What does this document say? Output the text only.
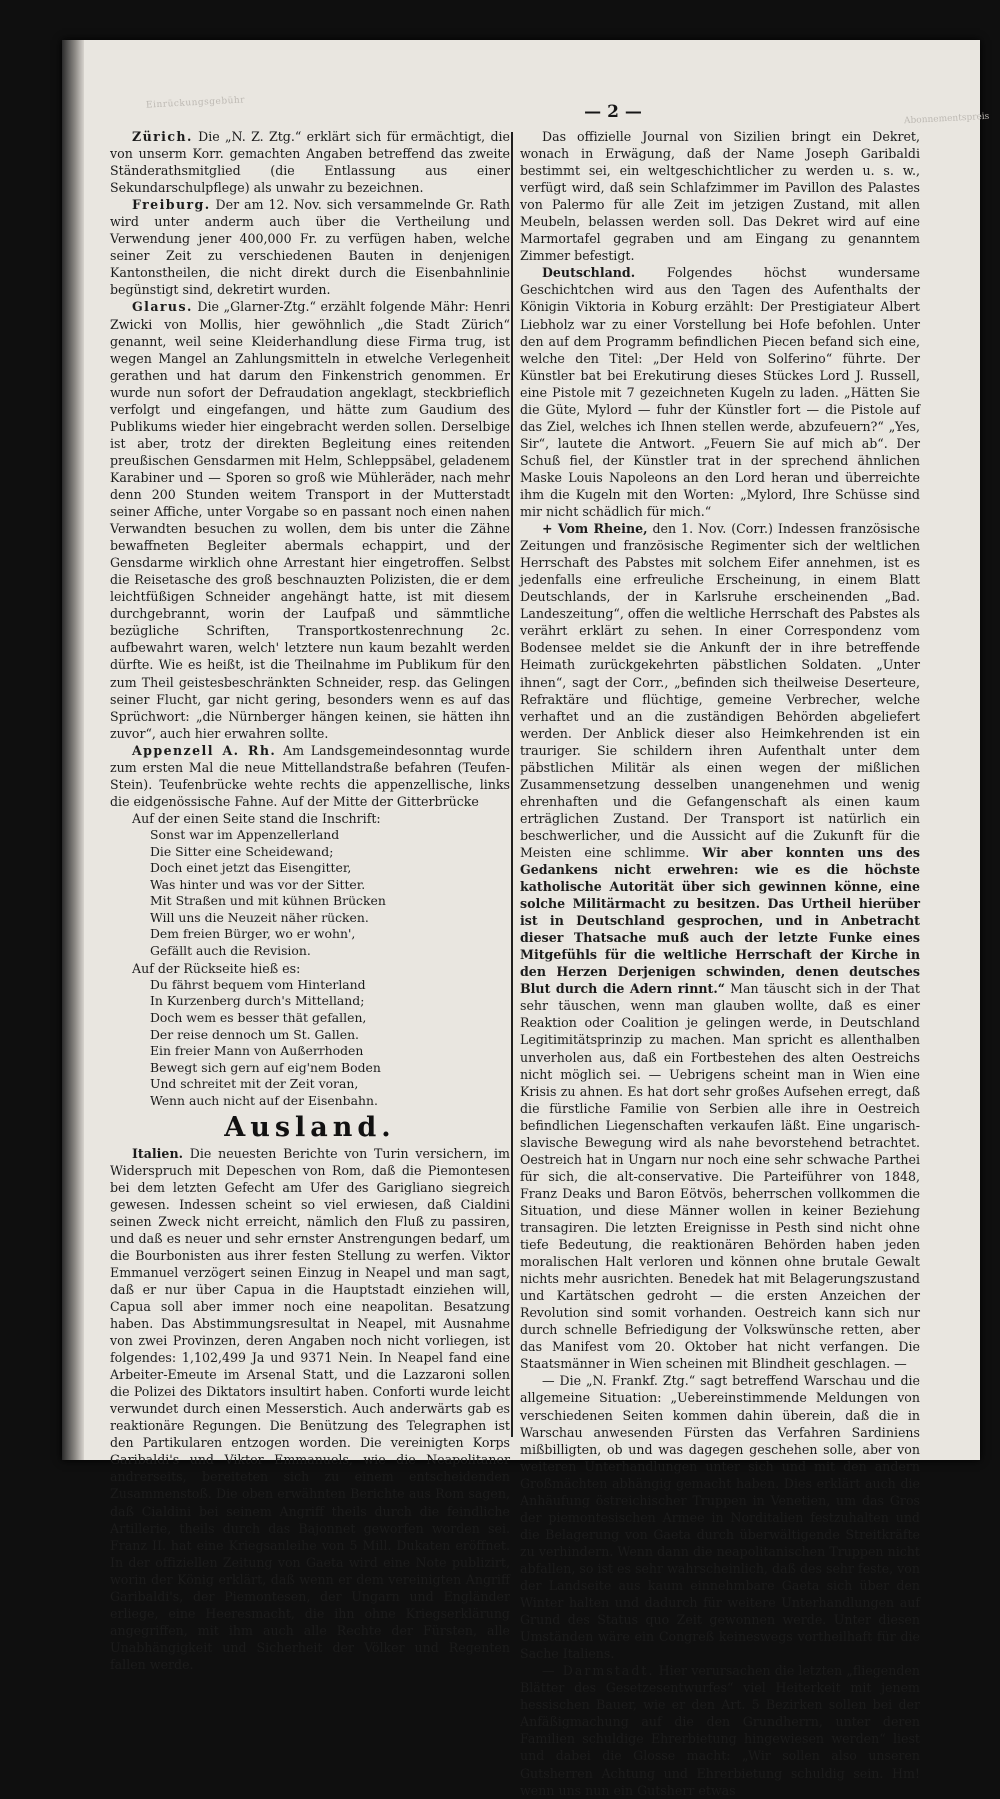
Einrückungsgebühr
Abonnementspreis
— 2 —

Zürich. Die „N. Z. Ztg.“ erklärt sich für ermächtigt, die von unserm Korr. gemachten Angaben betreffend das zweite Ständerathsmitglied (die Entlassung aus einer Sekundarschulpflege) als unwahr zu bezeichnen.

Freiburg. Der am 12. Nov. sich versammelnde Gr. Rath wird unter anderm auch über die Vertheilung und Verwendung jener 400,000 Fr. zu verfügen haben, welche seiner Zeit zu verschiedenen Bauten in denjenigen Kantonstheilen, die nicht direkt durch die Eisenbahnlinie begünstigt sind, dekretirt wurden.

Glarus. Die „Glarner-Ztg.“ erzählt folgende Mähr: Henri Zwicki von Mollis, hier gewöhnlich „die Stadt Zürich“ genannt, weil seine Kleiderhandlung diese Firma trug, ist wegen Mangel an Zahlungsmitteln in etwelche Verlegenheit gerathen und hat darum den Finkenstrich genommen. Er wurde nun sofort der Defraudation angeklagt, steckbrieflich verfolgt und eingefangen, und hätte zum Gaudium des Publikums wieder hier eingebracht werden sollen. Derselbige ist aber, trotz der direkten Begleitung eines reitenden preußischen Gensdarmen mit Helm, Schleppsäbel, geladenem Karabiner und — Sporen so groß wie Mühleräder, nach mehr denn 200 Stunden weitem Transport in der Mutterstadt seiner Affiche, unter Vorgabe so en passant noch einen nahen Verwandten besuchen zu wollen, dem bis unter die Zähne bewaffneten Begleiter abermals echappirt, und der Gensdarme wirklich ohne Arrestant hier eingetroffen. Selbst die Reisetasche des groß beschnauzten Polizisten, die er dem leichtfüßigen Schneider angehängt hatte, ist mit diesem durchgebrannt, worin der Laufpaß und sämmtliche bezügliche Schriften, Transportkostenrechnung 2c. aufbewahrt waren, welch' letztere nun kaum bezahlt werden dürfte. Wie es heißt, ist die Theilnahme im Publikum für den zum Theil geistesbeschränkten Schneider, resp. das Gelingen seiner Flucht, gar nicht gering, besonders wenn es auf das Sprüchwort: „die Nürnberger hängen keinen, sie hätten ihn zuvor“, auch hier erwahren sollte.

Appenzell A. Rh. Am Landsgemeindesonntag wurde zum ersten Mal die neue Mittellandstraße befahren (Teufen-Stein). Teufenbrücke wehte rechts die appenzellische, links die eidgenössische Fahne. Auf der Mitte der Gitterbrücke

Auf der einen Seite stand die Inschrift:

Sonst war im Appenzellerland
Die Sitter eine Scheidewand;
Doch einet jetzt das Eisengitter,
Was hinter und was vor der Sitter.
Mit Straßen und mit kühnen Brücken
Will uns die Neuzeit näher rücken.
Dem freien Bürger, wo er wohn',
Gefällt auch die Revision.

Auf der Rückseite hieß es:

Du fährst bequem vom Hinterland
In Kurzenberg durch's Mittelland;
Doch wem es besser thät gefallen,
Der reise dennoch um St. Gallen.
Ein freier Mann von Außerrhoden
Bewegt sich gern auf eig'nem Boden
Und schreitet mit der Zeit voran,
Wenn auch nicht auf der Eisenbahn.
Ausland.

Italien. Die neuesten Berichte von Turin versichern, im Widerspruch mit Depeschen von Rom, daß die Piemontesen bei dem letzten Gefecht am Ufer des Garigliano siegreich gewesen. Indessen scheint so viel erwiesen, daß Cialdini seinen Zweck nicht erreicht, nämlich den Fluß zu passiren, und daß es neuer und sehr ernster Anstrengungen bedarf, um die Bourbonisten aus ihrer festen Stellung zu werfen. Viktor Emmanuel verzögert seinen Einzug in Neapel und man sagt, daß er nur über Capua in die Hauptstadt einziehen will, Capua soll aber immer noch eine neapolitan. Besatzung haben. Das Abstimmungsresultat in Neapel, mit Ausnahme von zwei Provinzen, deren Angaben noch nicht vorliegen, ist folgendes: 1,102,499 Ja und 9371 Nein. In Neapel fand eine Arbeiter-Emeute im Arsenal Statt, und die Lazzaroni sollen die Polizei des Diktators insultirt haben. Conforti wurde leicht verwundet durch einen Messerstich. Auch anderwärts gab es reaktionäre Regungen. Die Benützung des Telegraphen ist den Partikularen entzogen worden. Die vereinigten Korps Garibaldi's und Viktor Emmanuels, wie die Neapolitaner andrerseits, bereiteten sich zu einem entscheidenden Zusammenstoß. Die oben erwähnten Berichte aus Rom sagen, daß Cialdini bei seinem Angriff theils durch die feindliche Artillerie, theils durch das Bajonnet geworfen worden sei. Franz II. hat eine Kriegsanleihe von 5 Mill. Dukaten eröffnet. In der offiziellen Zeitung von Gaeta wird eine Note publizirt, worin der König erklärt, daß wenn er dem vereinigten Angriff Garibaldi's, der Piemontesen, der Ungarn und Engländer erliege, eine Heeresmacht, die ihn ohne Kriegserklärung angegriffen, mit ihm auch alle Rechte der Fürsten, alle Unabhängigkeit und Sicherheit der Völker und Regenten fallen werde.

Das offizielle Journal von Sizilien bringt ein Dekret, wonach in Erwägung, daß der Name Joseph Garibaldi bestimmt sei, ein weltgeschichtlicher zu werden u. s. w., verfügt wird, daß sein Schlafzimmer im Pavillon des Palastes von Palermo für alle Zeit im jetzigen Zustand, mit allen Meubeln, belassen werden soll. Das Dekret wird auf eine Marmortafel gegraben und am Eingang zu genanntem Zimmer befestigt.

Deutschland.	Folgendes höchst wundersame Geschichtchen wird aus den Tagen des Aufenthalts der Königin Viktoria in Koburg erzählt: Der Prestigiateur Albert Liebholz war zu einer Vorstellung bei Hofe befohlen. Unter den auf dem Programm befindlichen Piecen befand sich eine, welche den Titel: „Der Held von Solferino“ führte. Der Künstler bat bei Erekutirung dieses Stückes Lord J. Russell, eine Pistole mit 7 gezeichneten Kugeln zu laden. „Hätten Sie die Güte, Mylord — fuhr der Künstler fort — die Pistole auf das Ziel, welches ich Ihnen stellen werde, abzufeuern?“ „Yes, Sir“, lautete die Antwort. „Feuern Sie auf mich ab“. Der Schuß fiel, der Künstler trat in der sprechend ähnlichen Maske Louis Napoleons an den Lord heran und überreichte ihm die Kugeln mit den Worten: „Mylord, Ihre Schüsse sind mir nicht schädlich für mich.“

+ Vom Rheine, den 1. Nov. (Corr.) Indessen französische Zeitungen und französische Regimenter sich der weltlichen Herrschaft des Pabstes mit solchem Eifer annehmen, ist es jedenfalls eine erfreuliche Erscheinung, in einem Blatt Deutschlands, der in Karlsruhe erscheinenden „Bad. Landeszeitung“, offen die weltliche Herrschaft des Pabstes als verährt erklärt zu sehen. In einer Correspondenz vom Bodensee meldet sie die Ankunft der in ihre betreffende Heimath zurückgekehrten päbstlichen Soldaten. „Unter ihnen“, sagt der Corr., „befinden sich theilweise Deserteure, Refraktäre und flüchtige, gemeine Verbrecher, welche verhaftet und an die zuständigen Behörden abgeliefert werden. Der Anblick dieser also Heimkehrenden ist ein trauriger. Sie schildern ihren Aufenthalt unter dem päbstlichen Militär als einen wegen der mißlichen Zusammensetzung desselben unangenehmen und wenig ehrenhaften und die Gefangenschaft als einen kaum erträglichen Zustand. Der Transport ist natürlich ein beschwerlicher, und die Aussicht auf die Zukunft für die Meisten eine schlimme. Wir aber konnten uns des Gedankens nicht erwehren: wie es die höchste katholische Autorität über sich gewinnen könne, eine solche Militärmacht zu besitzen. Das Urtheil hierüber ist in Deutschland gesprochen, und in Anbetracht dieser Thatsache muß auch der letzte Funke eines Mitgefühls für die weltliche Herrschaft der Kirche in den Herzen Derjenigen schwinden, denen deutsches Blut durch die Adern rinnt.“ Man täuscht sich in der That sehr täuschen, wenn man glauben wollte, daß es einer Reaktion oder Coalition je gelingen werde, in Deutschland Legitimitätsprinzip zu machen. Man spricht es allenthalben unverholen aus, daß ein Fortbestehen des alten Oestreichs nicht möglich sei. — Uebrigens scheint man in Wien eine Krisis zu ahnen. Es hat dort sehr großes Aufsehen erregt, daß die fürstliche Familie von Serbien alle ihre in Oestreich befindlichen Liegenschaften verkaufen läßt. Eine ungarisch-slavische Bewegung wird als nahe bevorstehend betrachtet. Oestreich hat in Ungarn nur noch eine sehr schwache Parthei für sich, die alt-conservative. Die Parteiführer von 1848, Franz Deaks und Baron Eötvös, beherrschen vollkommen die Situation, und diese Männer wollen in keiner Beziehung transagiren. Die letzten Ereignisse in Pesth sind nicht ohne tiefe Bedeutung, die reaktionären Behörden haben jeden moralischen Halt verloren und können ohne brutale Gewalt nichts mehr ausrichten. Benedek hat mit Belagerungszustand und Kartätschen gedroht — die ersten Anzeichen der Revolution sind somit vorhanden. Oestreich kann sich nur durch schnelle Befriedigung der Volkswünsche retten, aber das Manifest vom 20. Oktober hat nicht verfangen. Die Staatsmänner in Wien scheinen mit Blindheit geschlagen. —

— Die „N. Frankf. Ztg.“ sagt betreffend Warschau und die allgemeine Situation: „Uebereinstimmende Meldungen von verschiedenen Seiten kommen dahin überein, daß die in Warschau anwesenden Fürsten das Verfahren Sardiniens mißbilligten, ob und was dagegen geschehen solle, aber von weiteren Unterhandlungen unter sich und mit den andern Großmächten abhängig gemacht haben. Dies erklärt auch die Anhäufung östreichischer Truppen in Venetien, um das Gros der piemontesischen Armee in Norditalien festzuhalten und die Belagerung von Gaeta durch überwältigende Streitkräfte zu verhindern. Wenn dann die neapolitanischen Truppen nicht abfallen, so ist es sehr wahrscheinlich, daß des sehr feste, von der Landseite aus kaum einnehmbare Gaeta sich über den Winter halten und dadurch für weitere Unterhandlungen auf Grund des Status quo Zeit gewonnen werde. Unter diesen Umständen wäre ein Congreß keineswegs vortheilhaft für die Sache Italiens.

— Darmstadt. Hier verursachen die letzten „fliegenden Blätter des Gesetzesentwurfes“ viel Heiterkeit mit jenem hessischen Bauer, wie er den Art. 5 Bezirken sollen bei der Anfäßigmachung auf die den Grundherrn, unter deren Familien schuldige Ehrerbietung hingewiesen werden“ liest und dabei die Glosse macht: „Wir sollen also unseren Gutsherren Achtung und Ehrerbietung schuldig sein. Hm! wenn uns nun ein Gutsherr etwas
